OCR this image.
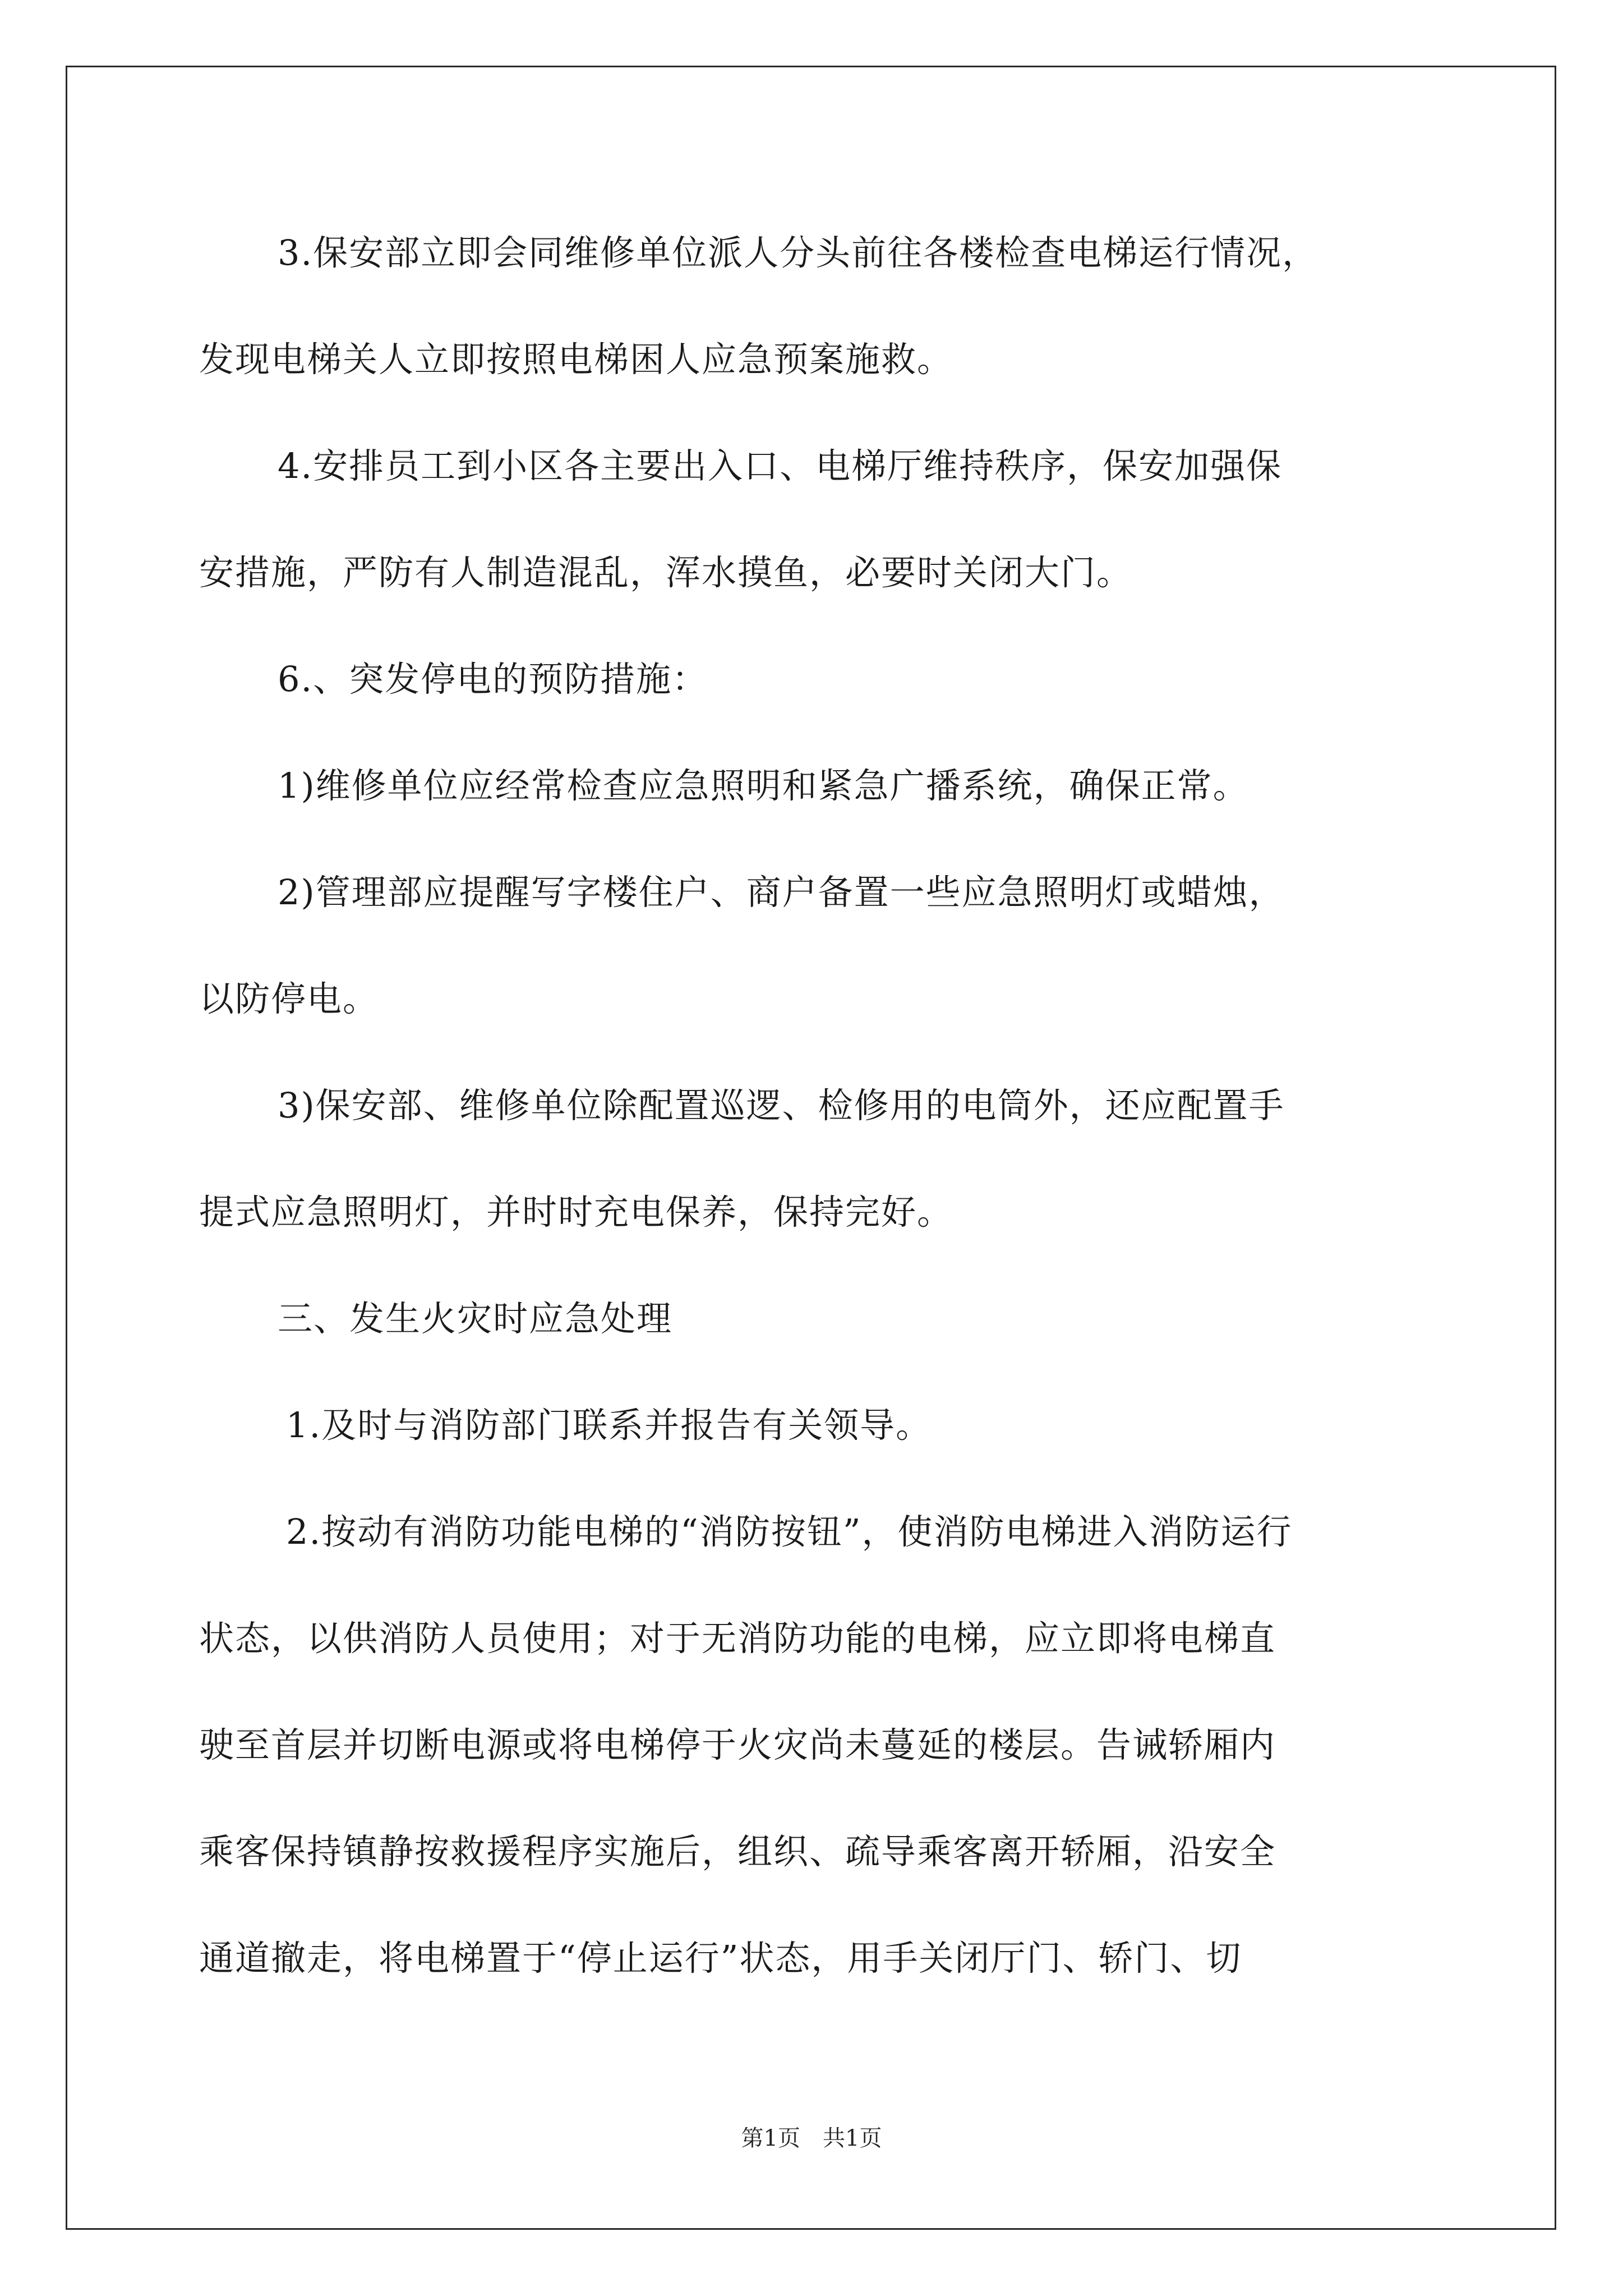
3.保安部立即会同维修单位派人分头前往各楼检查电梯运行情况，
发现电梯关人立即按照电梯困人应急预案施救。
4.安排员工到小区各主要出入口、电梯厅维持秩序，保安加强保
安措施，严防有人制造混乱，浑水摸鱼，必要时关闭大门。
6.、突发停电的预防措施：
1)维修单位应经常检查应急照明和紧急广播系统，确保正常。
2)管理部应提醒写字楼住户、商户备置一些应急照明灯或蜡烛，
以防停电。
3)保安部、维修单位除配置巡逻、检修用的电筒外，还应配置手
提式应急照明灯，并时时充电保养，保持完好。
三、发生火灾时应急处理
1.及时与消防部门联系并报告有关领导。
2.按动有消防功能电梯的“消防按钮”，使消防电梯进入消防运行
状态，以供消防人员使用；对于无消防功能的电梯，应立即将电梯直
驶至首层并切断电源或将电梯停于火灾尚未蔓延的楼层。告诫轿厢内
乘客保持镇静按救援程序实施后，组织、疏导乘客离开轿厢，沿安全
通道撤走，将电梯置于“停止运行”状态，用手关闭厅门、轿门、切
第1页　共1页
